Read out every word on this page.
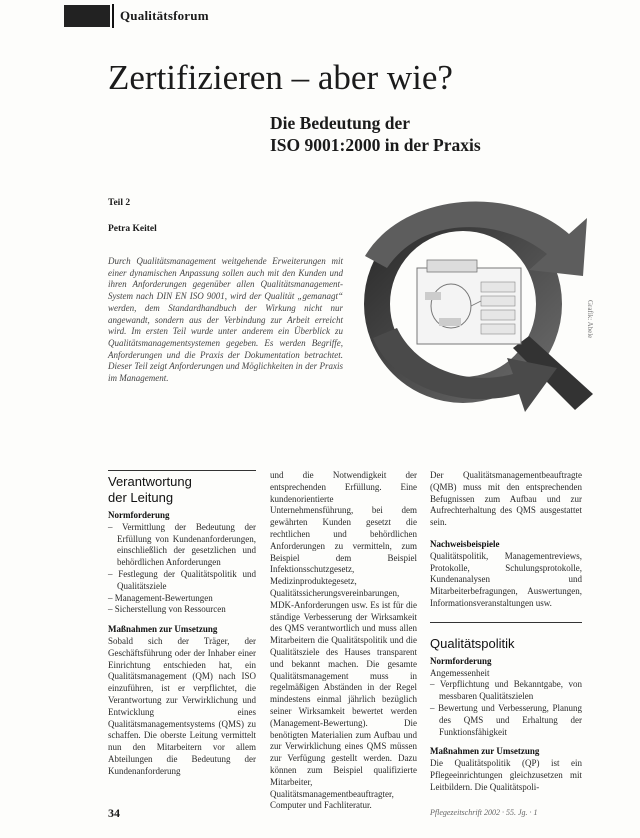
Qualitätsforum
Zertifizieren – aber wie?
Die Bedeutung der
ISO 9001:2000 in der Praxis
Teil 2
Petra Keitel
Durch Qualitätsmanagement weitgehende Erweiterungen mit einer dynamischen Anpassung sollen auch mit den Kunden und ihren Anforderungen gegenüber allen Qualitätsmanagement-System nach DIN EN ISO 9001, wird der Qualität „gemanagt“ werden, dem Standardhandbuch der Wirkung nicht nur angewandt, sondern aus der Verbindung zur Arbeit erreicht wird. Im ersten Teil wurde unter anderem ein Überblick zu Qualitätsmanagementsystemen gegeben. Es werden Begriffe, Anforderungen und die Praxis der Dokumentation betrachtet. Dieser Teil zeigt Anforderungen und Möglichkeiten in der Praxis im Management.
Grafik: Abele
Verantwortung
der Leitung

Normforderung

– Vermittlung der Bedeutung der Erfüllung von Kundenanforderungen, einschließlich der gesetzlichen und behördlichen Anforderungen

– Festlegung der Qualitätspolitik und Qualitätsziele

– Management-Bewertungen

– Sicherstellung von Ressourcen

Maßnahmen zur Umsetzung

Sobald sich der Träger, der Geschäftsführung oder der Inhaber einer Einrichtung entschieden hat, ein Qualitätsmanagement (QM) nach ISO einzuführen, ist er verpflichtet, die Verantwortung zur Verwirklichung und Entwicklung eines Qualitätsmanagementsystems (QMS) zu schaffen. Die oberste Leitung vermittelt nun den Mitarbeitern vor allem Abteilungen die Bedeutung der Kundenanforderung

und die Notwendigkeit der entsprechenden Erfüllung. Eine kundenorientierte Unternehmensführung, bei dem gewährten Kunden gesetzt die rechtlichen und behördlichen Anforderungen zu vermitteln, zum Beispiel dem Beispiel Infektionsschutzgesetz, Medizinproduktegesetz, Qualitätssicherungsvereinbarungen, MDK-Anforderungen usw. Es ist für die ständige Verbesserung der Wirksamkeit des QMS verantwortlich und muss allen Mitarbeitern die Qualitätspolitik und die Qualitätsziele des Hauses transparent und bekannt machen. Die gesamte Qualitätsmanagement muss in regelmäßigen Abständen in der Regel mindestens einmal jährlich bezüglich seiner Wirksamkeit bewertet werden (Management-Bewertung). Die benötigten Materialien zum Aufbau und zur Verwirklichung eines QMS müssen zur Verfügung gestellt werden. Dazu können zum Beispiel qualifizierte Mitarbeiter, Qualitätsmanagementbeauftragter, Computer und Fachliteratur.

Der Qualitätsmanagementbeauftragte (QMB) muss mit den entsprechenden Befugnissen zum Aufbau und zur Aufrechterhaltung des QMS ausgestattet sein.

Nachweisbeispiele

Qualitätspolitik, Managementreviews, Protokolle, Schulungsprotokolle, Kundenanalysen und Mitarbeiterbefragungen, Auswertungen, Informationsveranstaltungen usw.

Qualitätspolitik

Normforderung

Angemessenheit

– Verpflichtung und Bekanntgabe, von messbaren Qualitätszielen

– Bewertung und Verbesserung, Planung des QMS und Erhaltung der Funktionsfähigkeit

Maßnahmen zur Umsetzung

Die Qualitätspolitik (QP) ist ein Pflegeeinrichtungen gleichzusetzen mit Leitbildern. Die Qualitätspoli-

34	Pflegezeitschrift 2002 · 55. Jg. · 1
